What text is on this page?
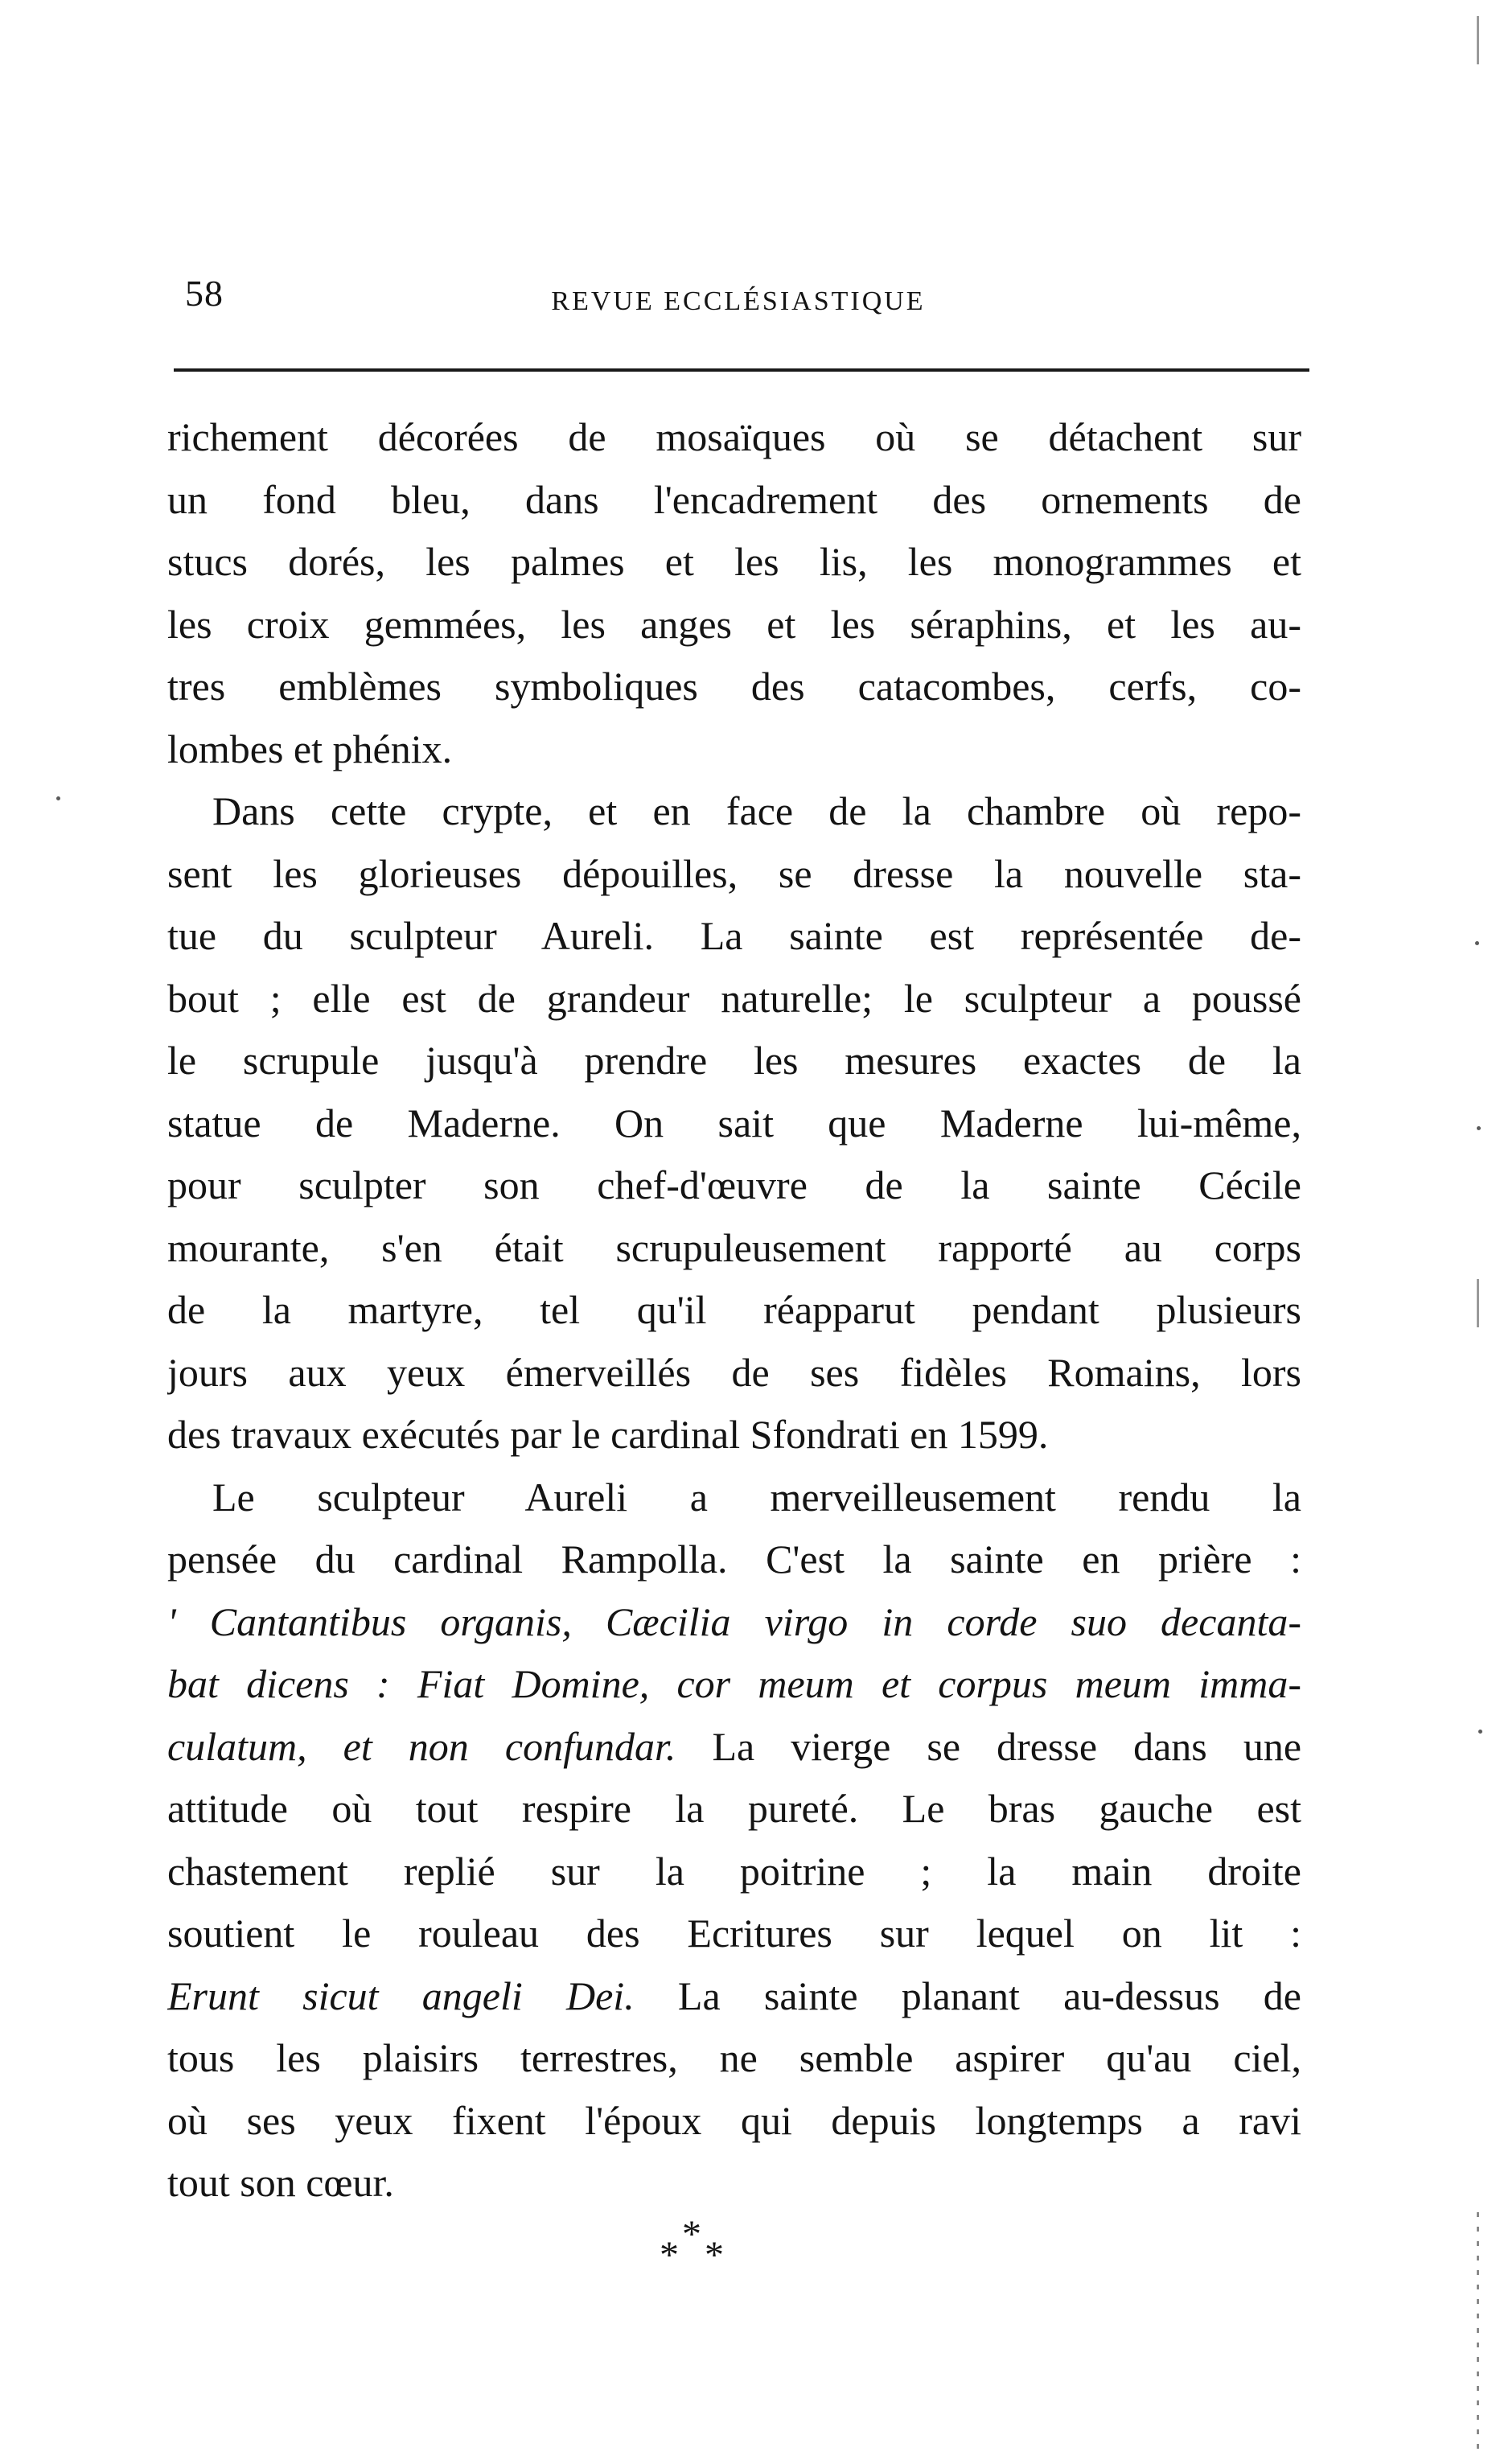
58	REVUE ECCLÉSIASTIQUE
richement décorées de mosaïques où se détachent sur
un fond bleu, dans l'encadrement des ornements de
stucs dorés, les palmes et les lis, les monogrammes et
les croix gemmées, les anges et les séraphins, et les au-
tres emblèmes symboliques des catacombes, cerfs, co-
lombes et phénix.
Dans cette crypte, et en face de la chambre où repo-
sent les glorieuses dépouilles, se dresse la nouvelle sta-
tue du sculpteur Aureli. La sainte est représentée de-
bout ; elle est de grandeur naturelle; le sculpteur a poussé
le scrupule jusqu'à prendre les mesures exactes de la
statue de Maderne. On sait que Maderne lui-même,
pour sculpter son chef-d'œuvre de la sainte Cécile
mourante, s'en était scrupuleusement rapporté au corps
de la martyre, tel qu'il réapparut pendant plusieurs
jours aux yeux émerveillés de ses fidèles Romains, lors
des travaux exécutés par le cardinal Sfondrati en 1599.
Le sculpteur Aureli a merveilleusement rendu la
pensée du cardinal Rampolla. C'est la sainte en prière :
' Cantantibus organis, Cæcilia virgo in corde suo decanta-
bat dicens : Fiat Domine, cor meum et corpus meum imma-
culatum, et non confundar. La vierge se dresse dans une
attitude où tout respire la pureté. Le bras gauche est
chastement replié sur la poitrine ; la main droite
soutient le rouleau des Ecritures sur lequel on lit :
Erunt sicut angeli Dei. La sainte planant au-dessus de
tous les plaisirs terrestres, ne semble aspirer qu'au ciel,
où ses yeux fixent l'époux qui depuis longtemps a ravi
tout son cœur.
*
* *
